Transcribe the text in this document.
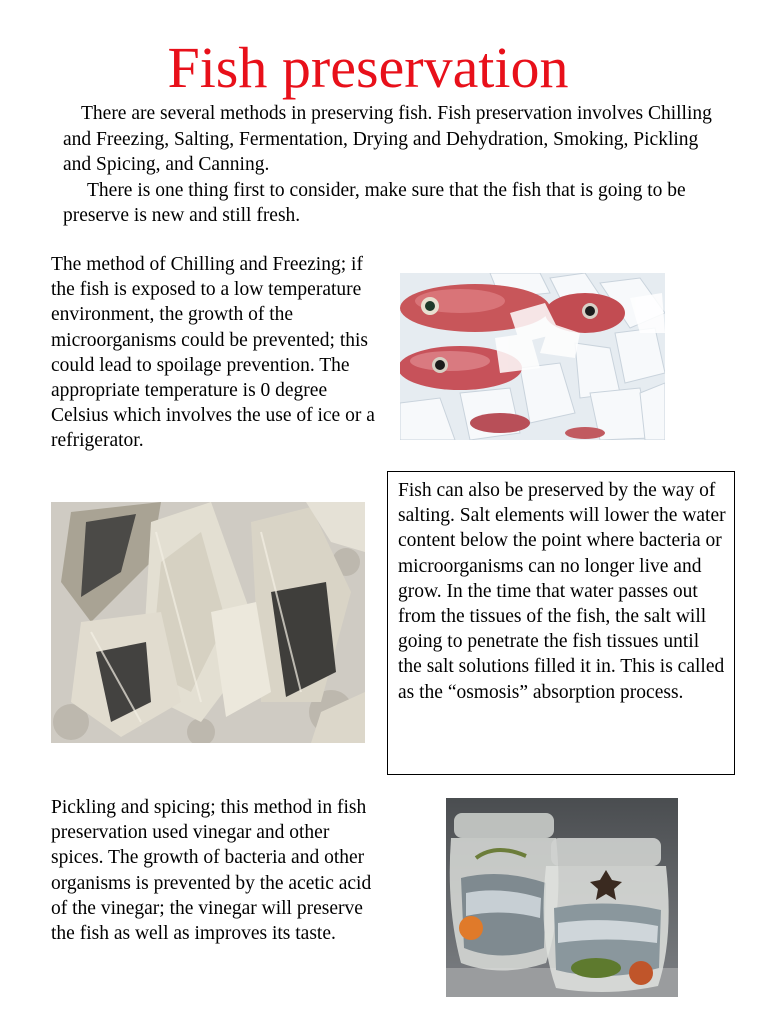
Fish preservation

There are several methods in preserving fish. Fish preservation involves Chilling and Freezing, Salting, Fermentation, Drying and Dehydration, Smoking, Pickling and Spicing, and Canning.

There is one thing first to consider, make sure that the fish that is going to be preserve is new and still fresh.

The method of Chilling and Freezing; if the fish is exposed to a low temperature environment, the growth of the microorganisms could be prevented; this could lead to spoilage prevention. The appropriate temperature is 0 degree Celsius which involves the use of ice or a refrigerator.

Fish can also be preserved by the way of salting. Salt elements will lower the water content below the point where bacteria or microorganisms can no longer live and grow. In the time that water passes out from the tissues of the fish, the salt will going to penetrate the fish tissues until the salt solutions filled it in. This is called as the “osmosis” absorption process.

Pickling and spicing; this method in fish preservation used vinegar and other spices. The growth of bacteria and other organisms is prevented by the acetic acid of the vinegar; the vinegar will preserve the fish as well as improves its taste.
